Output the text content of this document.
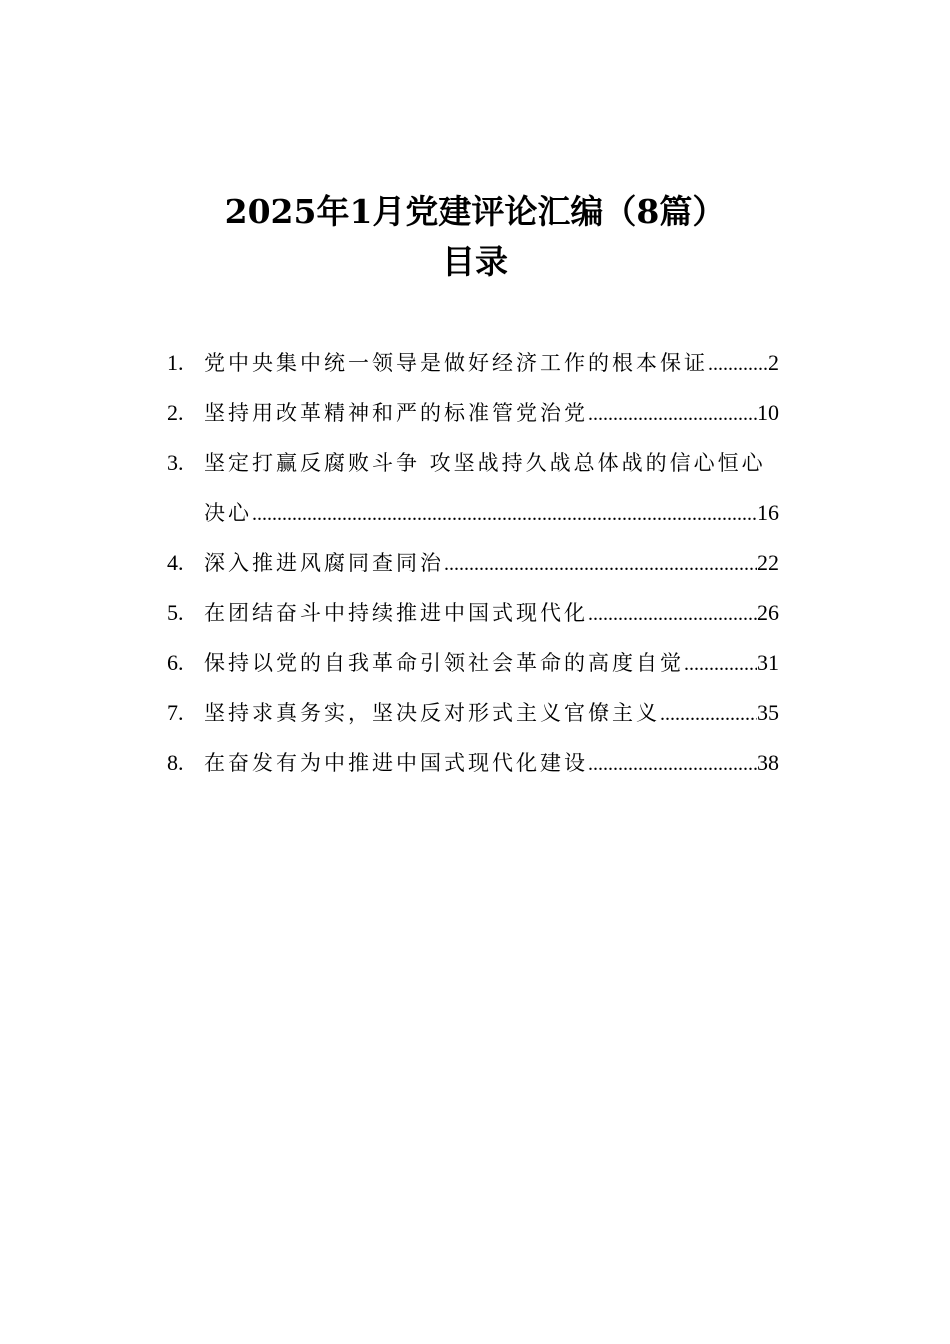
2025年1月党建评论汇编（8篇）
目录
1. 党中央集中统一领导是做好经济工作的根本保证 .....	2
2. 坚持用改革精神和严的标准管党治党 .....	10
3. 坚定打赢反腐败斗争 攻坚战持久战总体战的信心恒心
决心 .....	16
4. 深入推进风腐同查同治 .....	22
5. 在团结奋斗中持续推进中国式现代化 .....	26
6. 保持以党的自我革命引领社会革命的高度自觉 .....	31
7. 坚持求真务实，坚决反对形式主义官僚主义 .....	35
8. 在奋发有为中推进中国式现代化建设 .....	38
